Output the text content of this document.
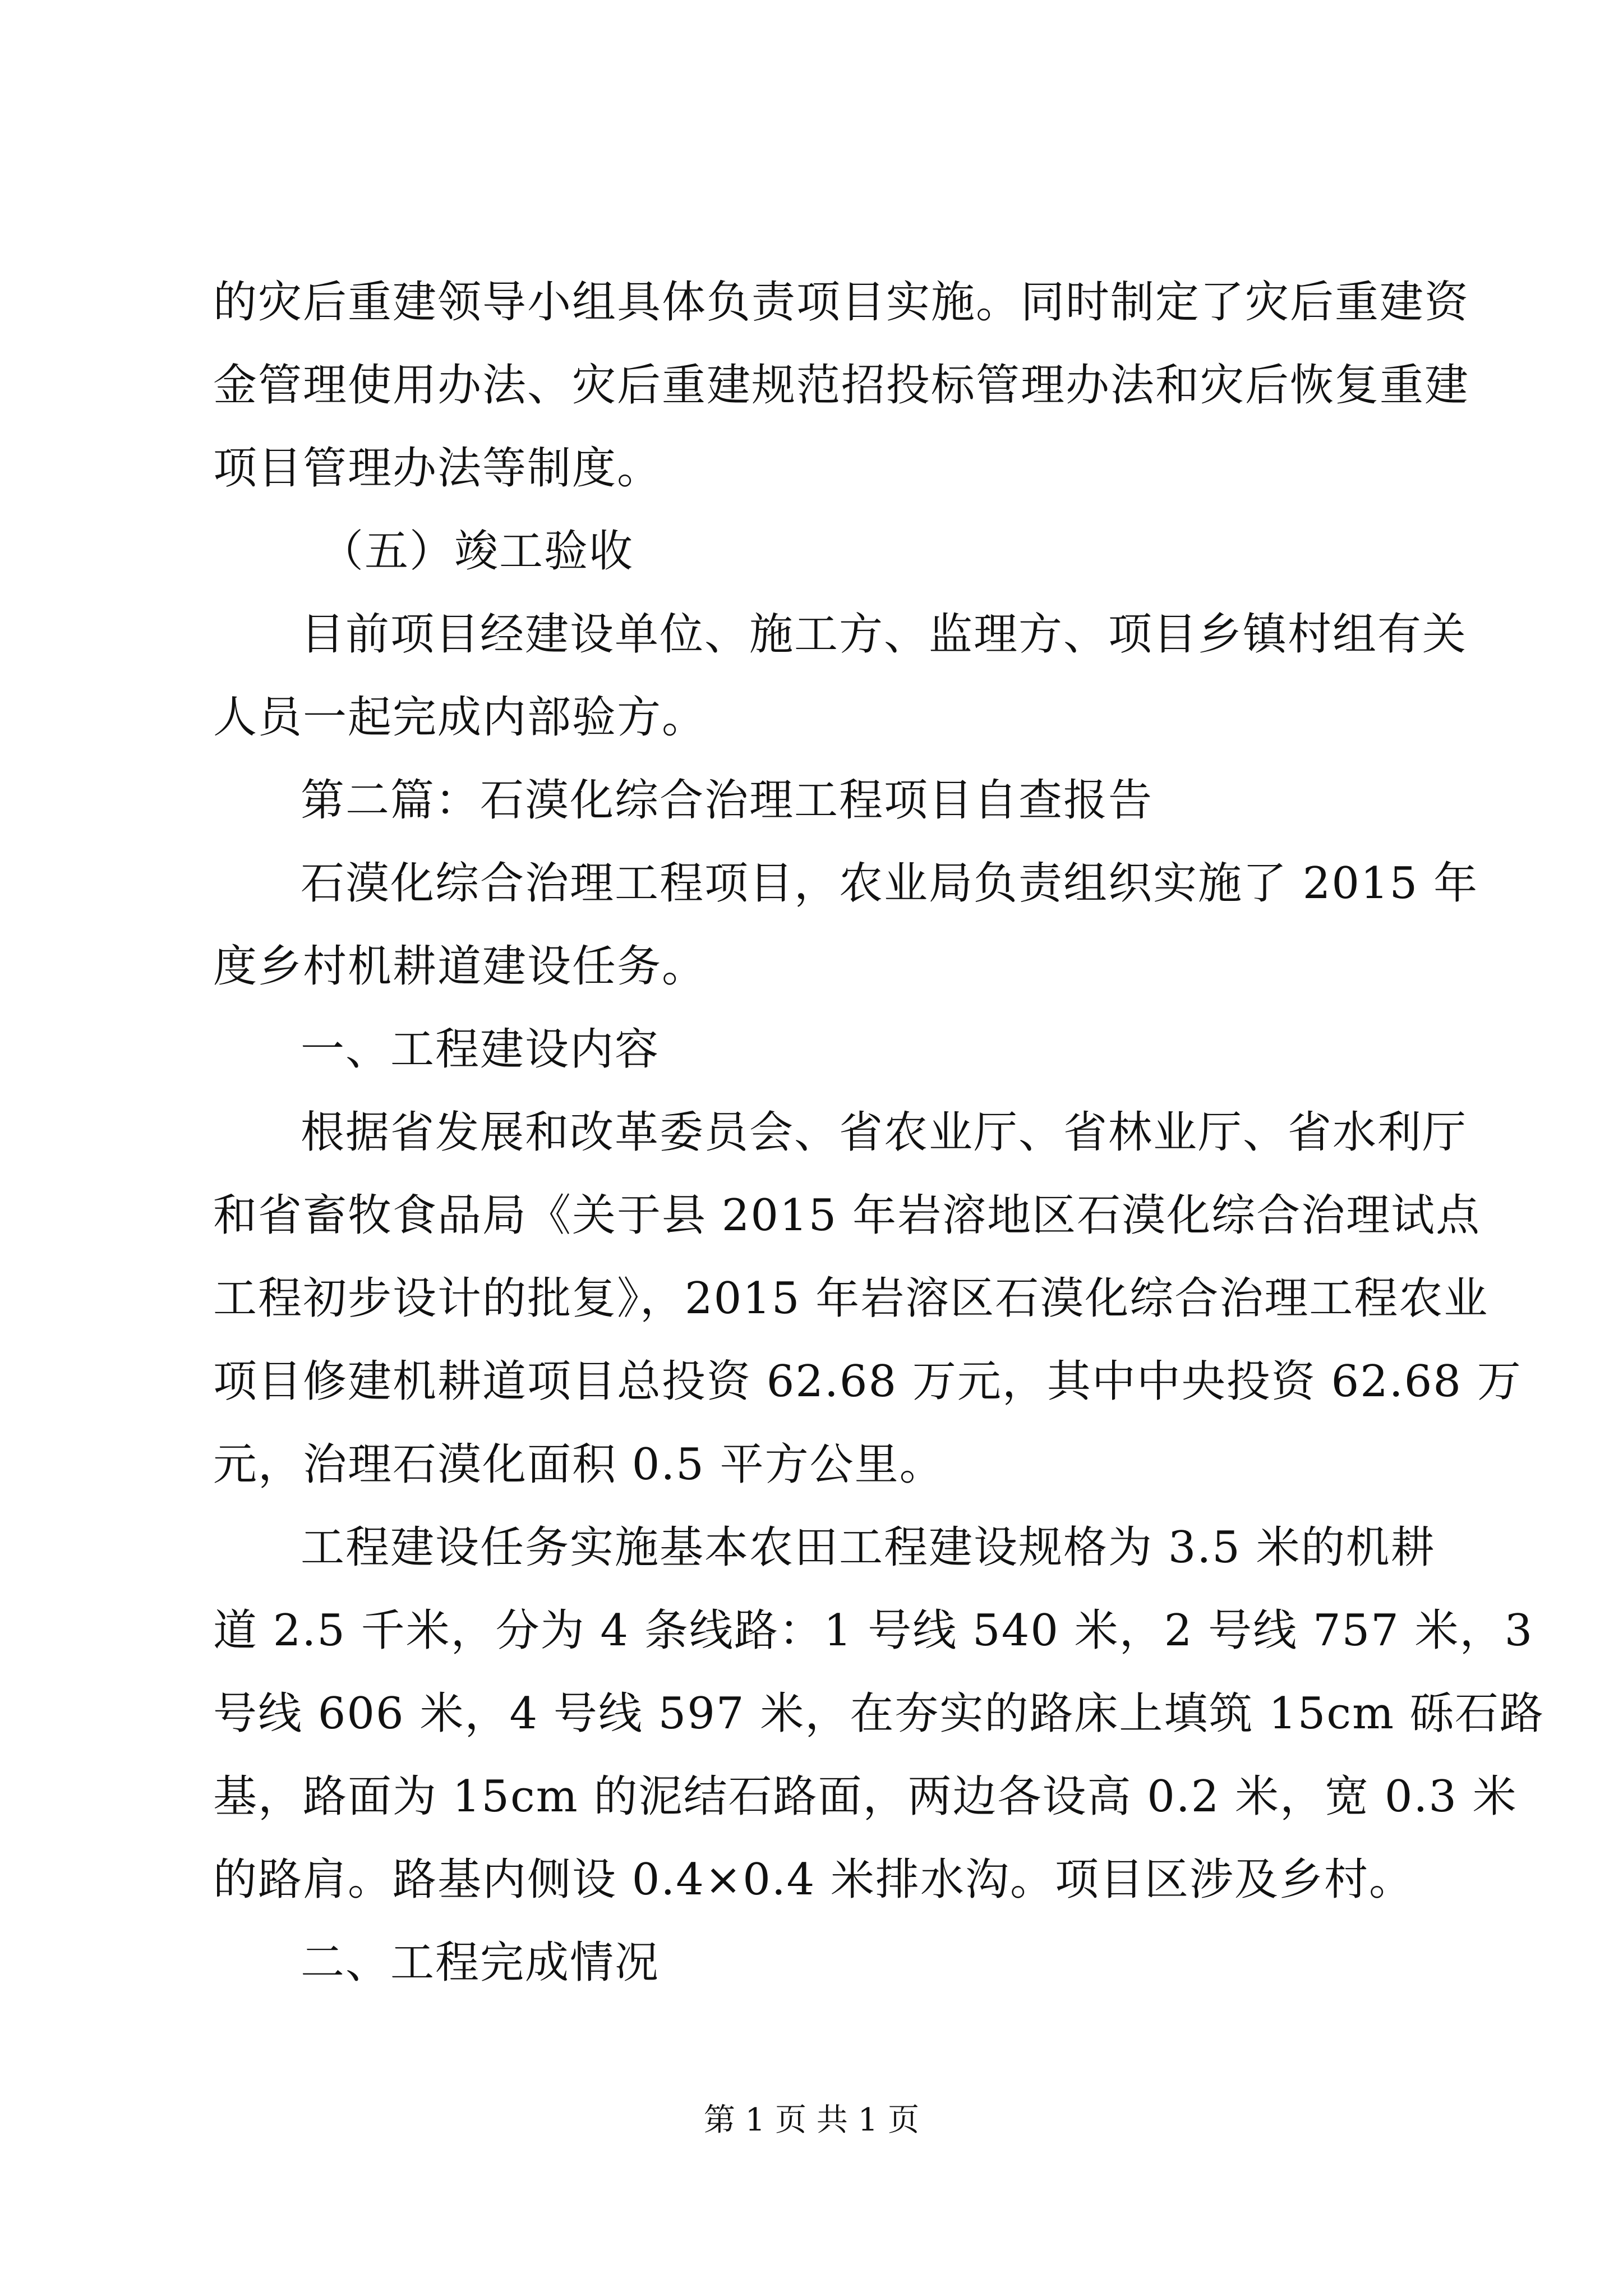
的灾后重建领导小组具体负责项目实施。同时制定了灾后重建资
金管理使用办法、灾后重建规范招投标管理办法和灾后恢复重建
项目管理办法等制度。
（五）竣工验收
目前项目经建设单位、施工方、监理方、项目乡镇村组有关
人员一起完成内部验方。
第二篇：石漠化综合治理工程项目自查报告
石漠化综合治理工程项目，农业局负责组织实施了 2015 年
度乡村机耕道建设任务。
一、工程建设内容
根据省发展和改革委员会、省农业厅、省林业厅、省水利厅
和省畜牧食品局《关于县 2015 年岩溶地区石漠化综合治理试点
工程初步设计的批复》，2015 年岩溶区石漠化综合治理工程农业
项目修建机耕道项目总投资 62.68 万元，其中中央投资 62.68 万
元，治理石漠化面积 0.5 平方公里。
工程建设任务实施基本农田工程建设规格为 3.5 米的机耕
道 2.5 千米，分为 4 条线路：1 号线 540 米，2 号线 757 米，3
号线 606 米，4 号线 597 米，在夯实的路床上填筑 15cm 砾石路
基，路面为 15cm 的泥结石路面，两边各设高 0.2 米，宽 0.3 米
的路肩。路基内侧设 0.4×0.4 米排水沟。项目区涉及乡村。
二、工程完成情况
第 1 页 共 1 页
